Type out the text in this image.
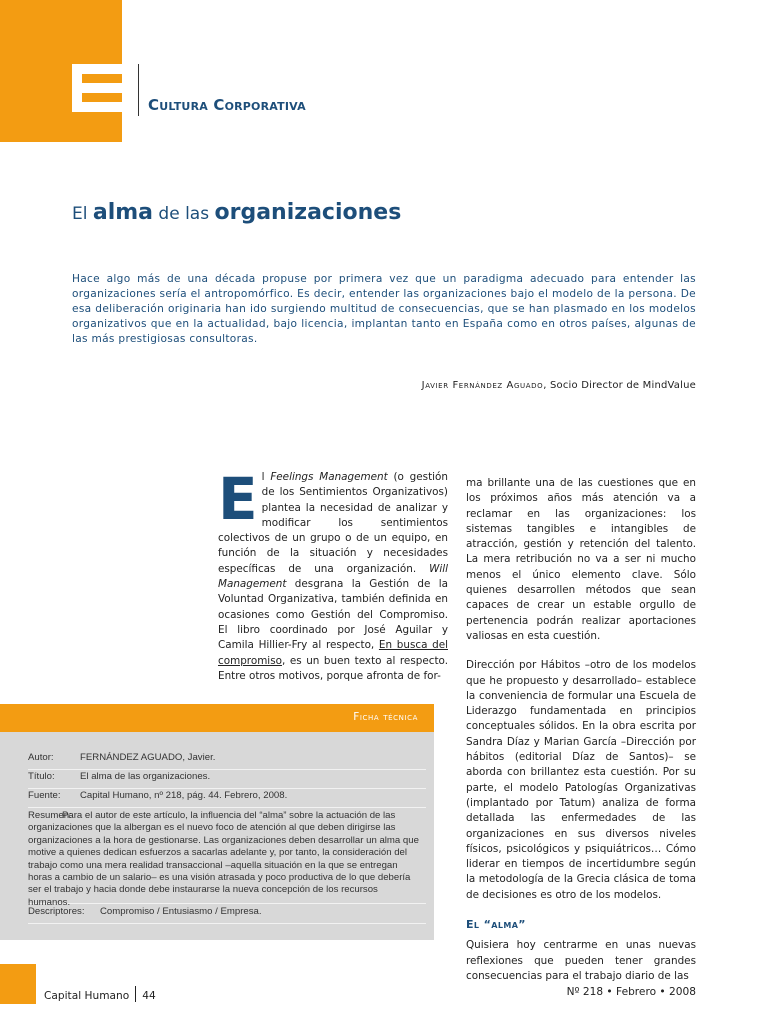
Cultura Corporativa
El alma de las organizaciones

Hace algo más de una década propuse por primera vez que un paradigma adecuado para entender las organizaciones sería el antropomórfico. Es decir, entender las organizaciones bajo el modelo de la persona. De esa deliberación originaria han ido surgiendo multitud de consecuencias, que se han plasmado en los modelos organizativos que en la actualidad, bajo licencia, implantan tanto en España como en otros países, algunas de las más prestigiosas consultoras.

Javier Fernández Aguado, Socio Director de MindValue

El Feelings Management (o gestión de los Sentimientos Organizativos) plantea la necesidad de analizar y modificar los sentimientos colectivos de un grupo o de un equipo, en función de la situación y necesidades específicas de una organización. Will Management desgrana la Gestión de la Voluntad Organizativa, también definida en ocasiones como Gestión del Compromiso. El libro coordinado por José Aguilar y Camila Hillier-Fry al respecto, En busca del compromiso, es un buen texto al respecto. Entre otros motivos, porque afronta de for-

ma brillante una de las cuestiones que en los próximos años más atención va a reclamar en las organizaciones: los sistemas tangibles e intangibles de atracción, gestión y retención del talento. La mera retribución no va a ser ni mucho menos el único elemento clave. Sólo quienes desarrollen métodos que sean capaces de crear un estable orgullo de pertenencia podrán realizar aportaciones valiosas en esta cuestión.

Dirección por Hábitos –otro de los modelos que he propuesto y desarrollado– establece la conveniencia de formular una Escuela de Liderazgo fundamentada en principios conceptuales sólidos. En la obra escrita por Sandra Díaz y Marian García –Dirección por hábitos (editorial Díaz de Santos)– se aborda con brillantez esta cuestión. Por su parte, el modelo Patologías Organizativas (implantado por Tatum) analiza de forma detallada las enfermedades de las organizaciones en sus diversos niveles físicos, psicológicos y psiquiátricos… Cómo liderar en tiempos de incertidumbre según la metodología de la Grecia clásica de toma de decisiones es otro de los modelos.

El “alma”

Quisiera hoy centrarme en unas nuevas reflexiones que pueden tener grandes consecuencias para el trabajo diario de las

Ficha técnica
Autor:	FERNÁNDEZ AGUADO, Javier.
Título:	El alma de las organizaciones.
Fuente: Capital Humano, nº 218, pág. 44. Febrero, 2008.
Resumen:
Para el autor de este artículo, la influencia del “alma” sobre la actuación de las organizaciones que la albergan es el nuevo foco de atención al que deben dirigirse las organizaciones a la hora de gestionarse. Las organizaciones deben desarrollar un alma que motive a quienes dedican esfuerzos a sacarlas adelante y, por tanto, la consideración del trabajo como una mera realidad transaccional –aquella situación en la que se entregan horas a cambio de un salario– es una visión atrasada y poco productiva de lo que debería ser el trabajo y hacia donde debe instaurarse la nueva concepción de los recursos humanos.
Descriptores: Compromiso / Entusiasmo / Empresa.
Capital Humano 44	Nº 218 • Febrero • 2008
